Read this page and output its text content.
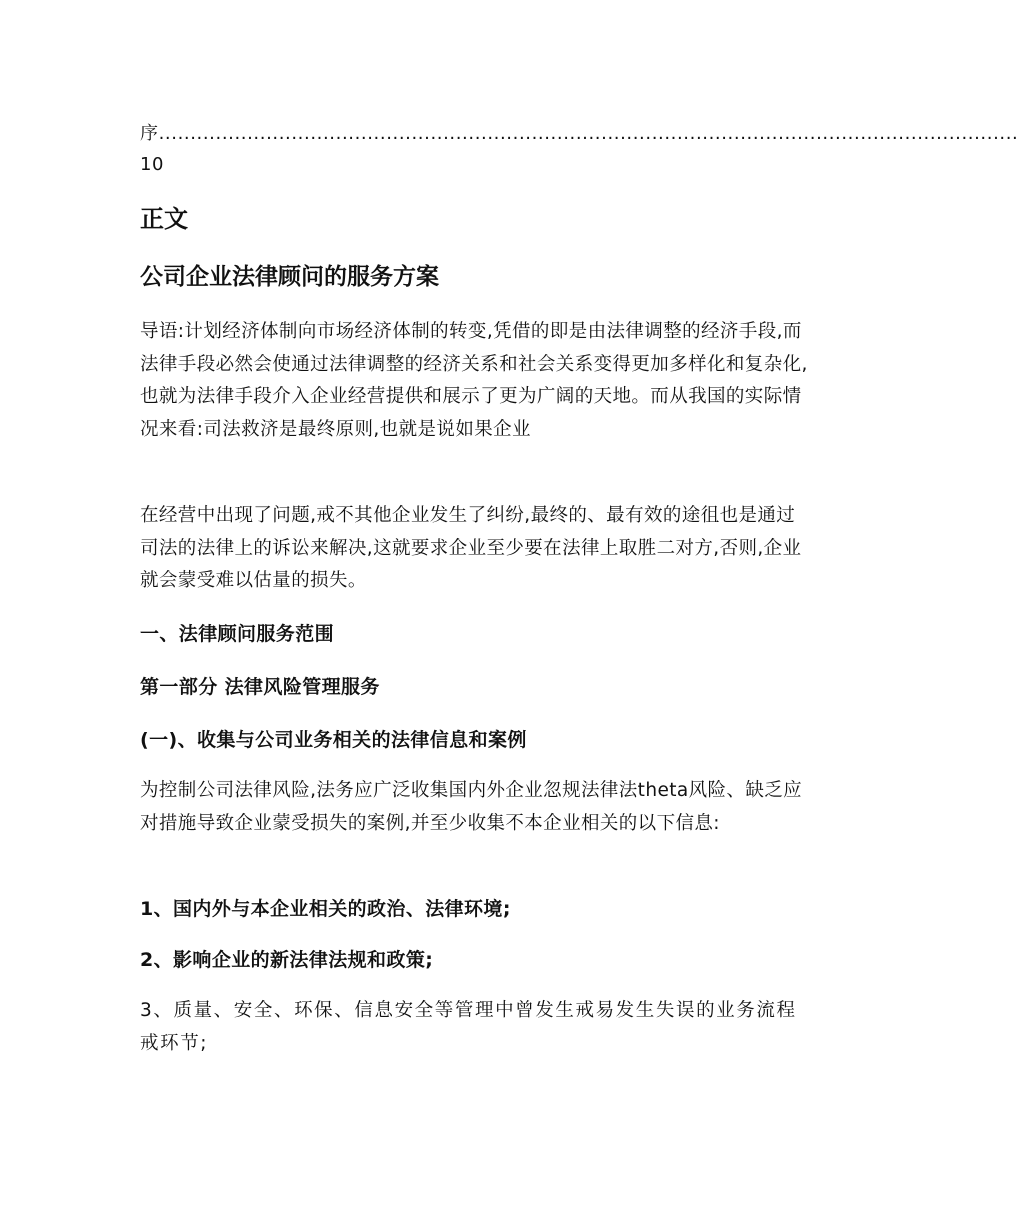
序 ........................................................................................................................................
10
正文
公司企业法律顾问的服务方案

导语:计划经济体制向市场经济体制的转变,凭借的即是由法律调整的经济手段,而法律手段必然会使通过法律调整的经济关系和社会关系变得更加多样化和复杂化,也就为法律手段介入企业经营提供和展示了更为广阔的天地。而从我国的实际情况来看:司法救济是最终原则,也就是说如果企业

在经营中出现了问题,戒不其他企业发生了纠纷,最终的、最有效的途徂也是通过司法的法律上的诉讼来解决,这就要求企业至少要在法律上取胜二对方,否则,企业就会蒙受难以估量的损失。

一、法律顾问服务范围
第一部分 法律风险管理服务
(一)、收集与公司业务相关的法律信息和案例

为控制公司法律风险,法务应广泛收集国内外企业忽规法律法theta风险、缺乏应对措施导致企业蒙受损失的案例,并至少收集不本企业相关的以下信息:

1、国内外与本企业相关的政治、法律环境;
2、影响企业的新法律法规和政策;

3、质量、安全、环保、信息安全等管理中曾发生戒易发生失误的业务流程戒环节;
